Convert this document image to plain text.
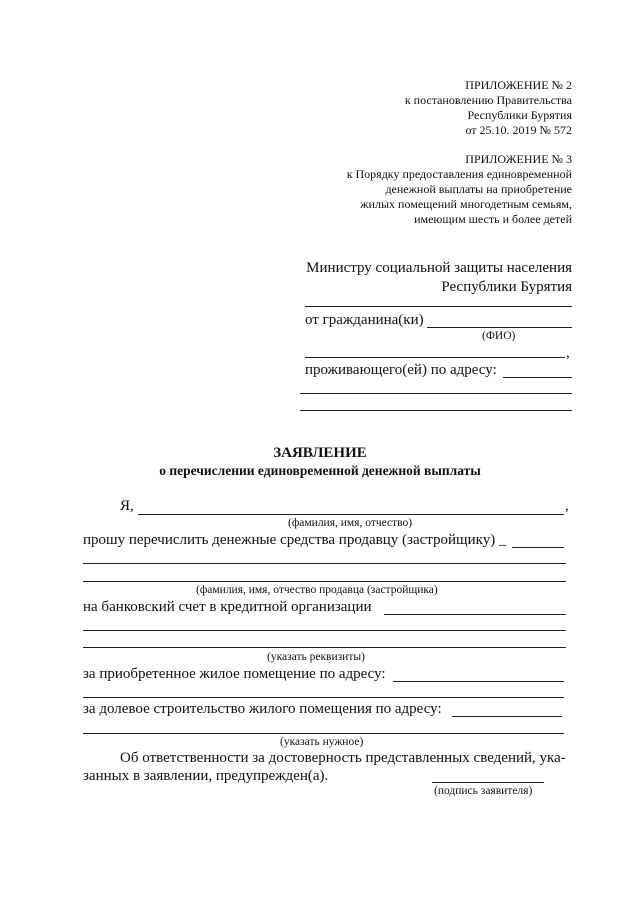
ПРИЛОЖЕНИЕ № 2
к постановлению Правительства
Республики Бурятия
от 25.10. 2019 № 572
ПРИЛОЖЕНИЕ № 3
к Порядку предоставления единовременной
денежной выплаты на приобретение
жилых помещений многодетным семьям,
имеющим шесть и более детей
Министру социальной защиты населения
Республики Бурятия
от гражданина(ки)
(ФИО)
,
проживающего(ей) по адресу:
ЗАЯВЛЕНИЕ
о перечислении единовременной денежной выплаты
Я,	,
(фамилия, имя, отчество)
прошу перечислить денежные средства продавцу (застройщику) _
(фамилия, имя, отчество продавца (застройщика)
на банковский счет в кредитной организации
(указать реквизиты)
за приобретенное жилое помещение по адресу:
за долевое строительство жилого помещения по адресу:
(указать нужное)
Об ответственности за достоверность представленных сведений, ука-
занных в заявлении, предупрежден(а).
(подпись заявителя)
